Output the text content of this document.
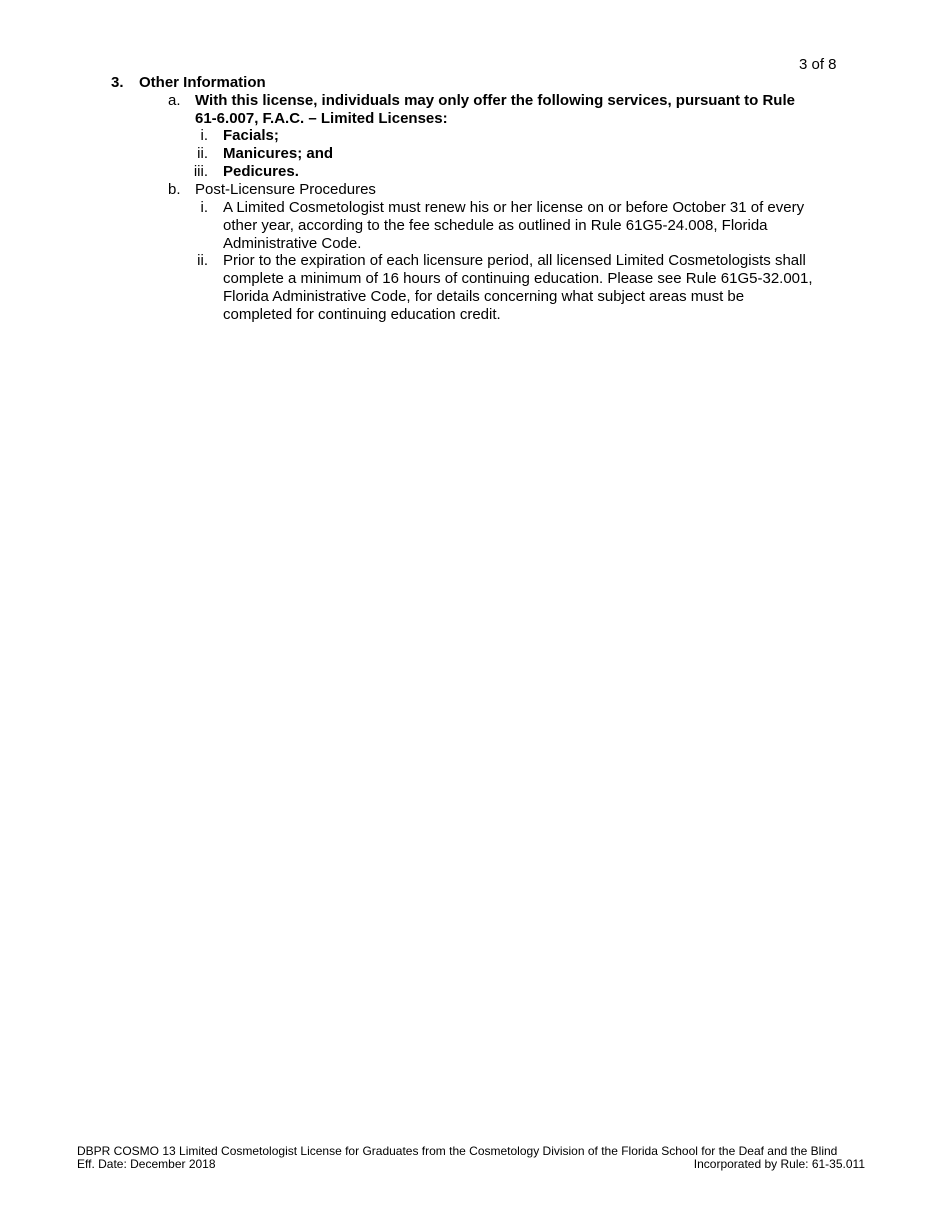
3 of 8
3. Other Information
a. With this license, individuals may only offer the following services, pursuant to Rule
61-6.007, F.A.C. – Limited Licenses:
i. Facials;
ii. Manicures; and
iii. Pedicures.
b. Post-Licensure Procedures
i. A Limited Cosmetologist must renew his or her license on or before October 31 of every
other year, according to the fee schedule as outlined in Rule 61G5-24.008, Florida
Administrative Code.
ii. Prior to the expiration of each licensure period, all licensed Limited Cosmetologists shall
complete a minimum of 16 hours of continuing education. Please see Rule 61G5-32.001,
Florida Administrative Code, for details concerning what subject areas must be
completed for continuing education credit.
DBPR COSMO 13 Limited Cosmetologist License for Graduates from the Cosmetology Division of the Florida School for the Deaf and the Blind
Eff. Date: December 2018	Incorporated by Rule: 61-35.011
